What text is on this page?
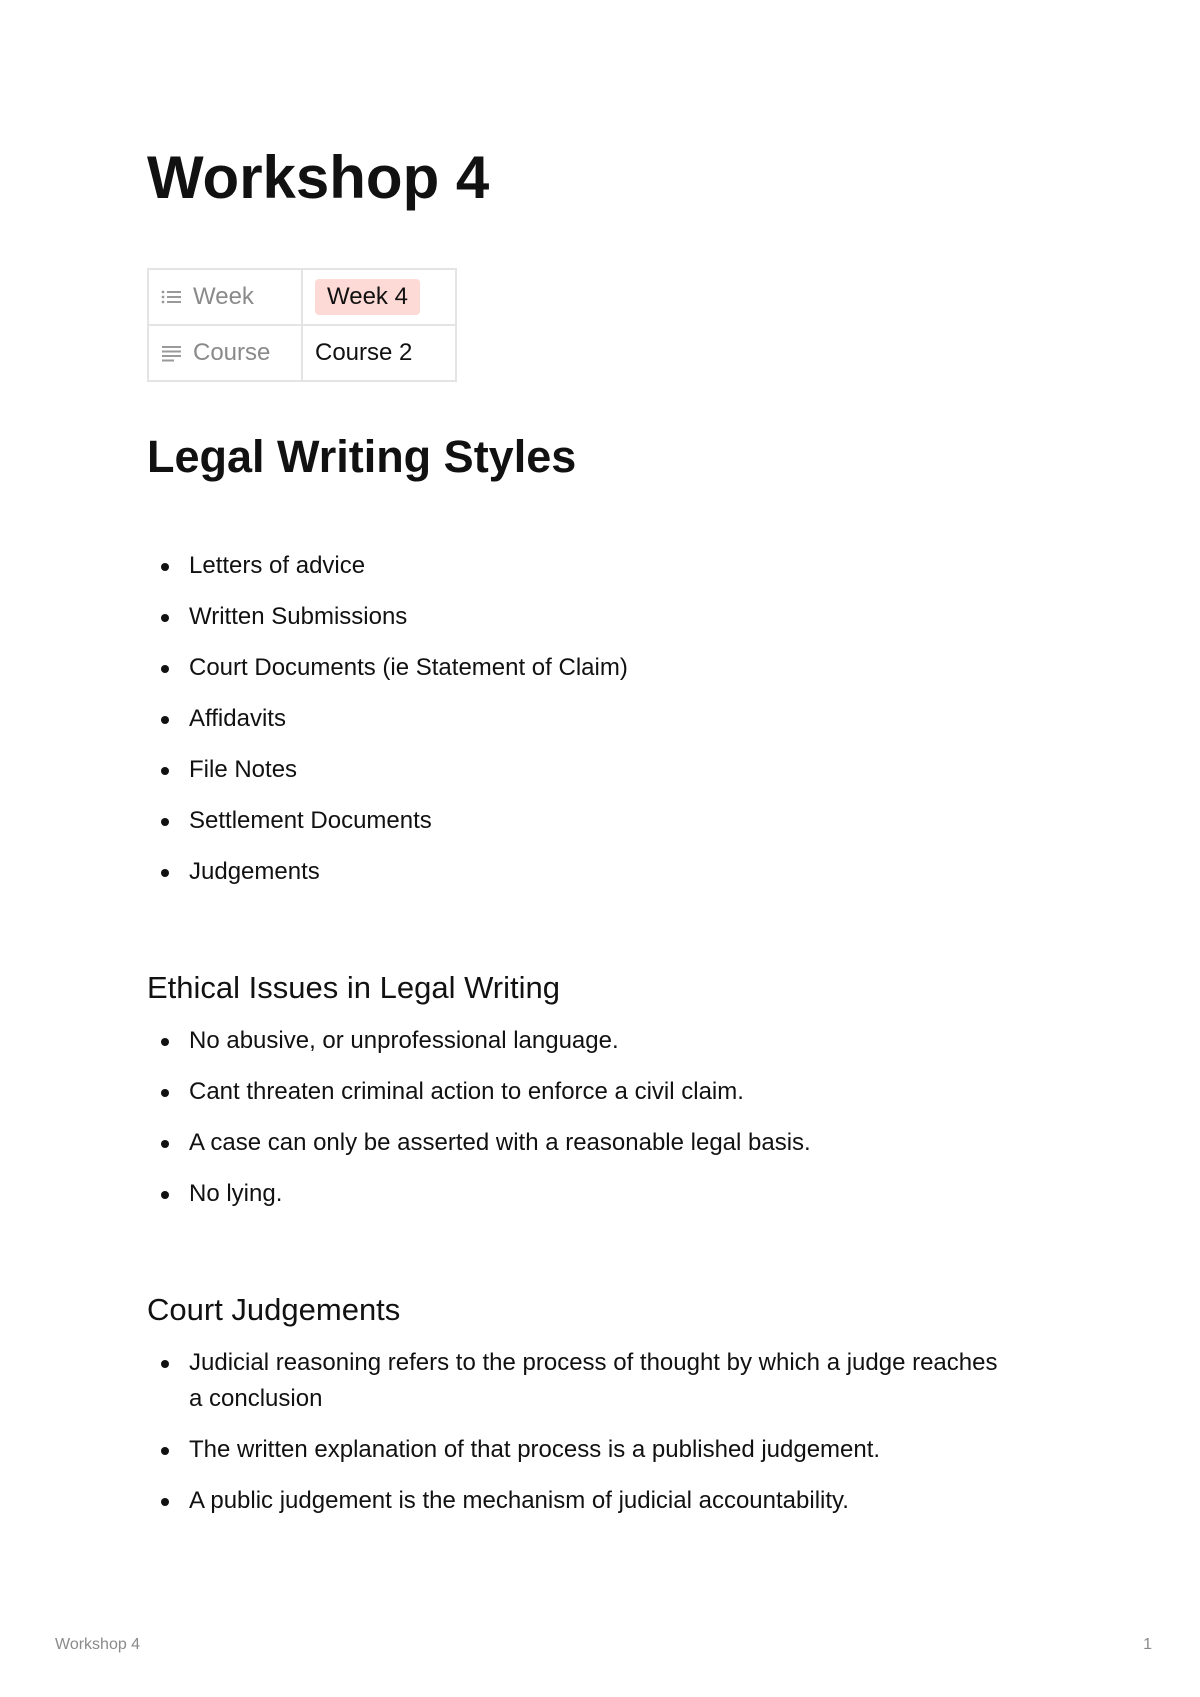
Workshop 4
Week	Week 4
Course	Course 2
Legal Writing Styles
Letters of advice
Written Submissions
Court Documents (ie Statement of Claim)
Affidavits
File Notes
Settlement Documents
Judgements
Ethical Issues in Legal Writing
No abusive, or unprofessional language.
Cant threaten criminal action to enforce a civil claim.
A case can only be asserted with a reasonable legal basis.
No lying.
Court Judgements
Judicial reasoning refers to the process of thought by which a judge reaches a conclusion
The written explanation of that process is a published judgement.
A public judgement is the mechanism of judicial accountability.
Workshop 4	1
